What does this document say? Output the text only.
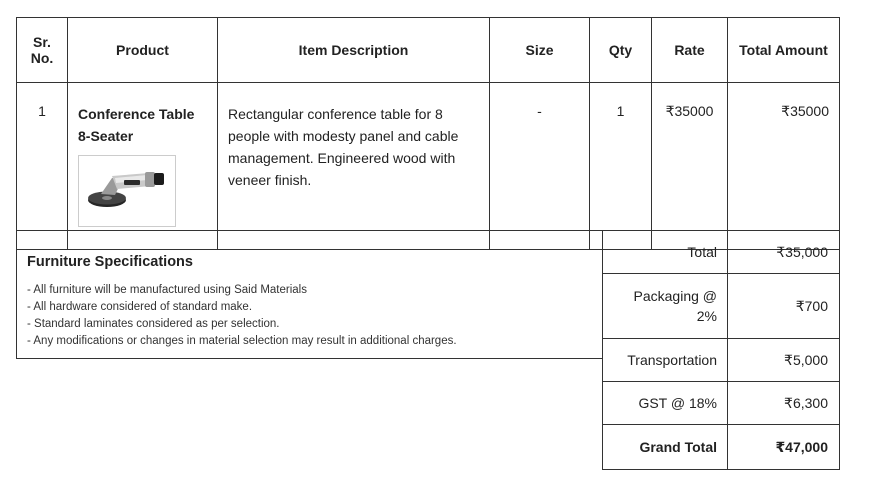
Sr. No.	Product	Item Description	Size	Qty	Rate	Total Amount
1	Conference Table 8-Seater	Rectangular conference table for 8 people with modesty panel and cable management. Engineered wood with veneer finish.	-	1	₹35000	₹35000
Furniture Specifications
- All furniture will be manufactured using Said Materials
- All hardware considered of standard make.
- Standard laminates considered as per selection.
- Any modifications or changes in material selection may result in additional charges.
Total	₹35,000
Packaging @ 2%	₹700
Transportation	₹5,000
GST @ 18%	₹6,300
Grand Total	₹47,000
